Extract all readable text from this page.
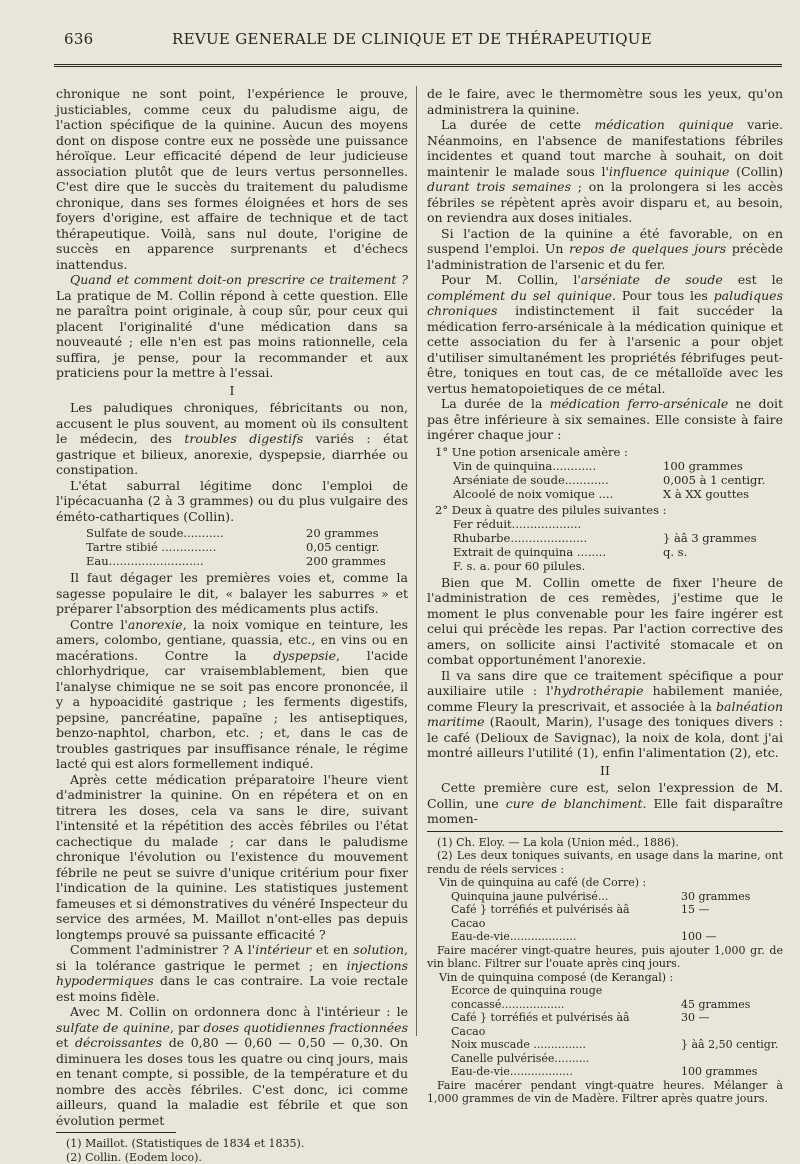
636	REVUE GENERALE DE CLINIQUE ET DE THÉRAPEUTIQUE

chronique ne sont point, l'expérience le prouve, justiciables, comme ceux du paludisme aigu, de l'action spécifique de la quinine. Aucun des moyens dont on dispose contre eux ne possède une puissance héroïque. Leur efficacité dépend de leur judicieuse association plutôt que de leurs vertus personnelles. C'est dire que le succès du traitement du paludisme chronique, dans ses formes éloignées et hors de ses foyers d'origine, est affaire de technique et de tact thérapeutique. Voilà, sans nul doute, l'origine de succès en apparence surprenants et d'échecs inattendus.

Quand et comment doit-on prescrire ce traitement ? La pratique de M. Collin répond à cette question. Elle ne paraîtra point originale, à coup sûr, pour ceux qui placent l'originalité d'une médication dans sa nouveauté ; elle n'en est pas moins rationnelle, cela suffira, je pense, pour la recommander et aux praticiens pour la mettre à l'essai.

I

Les paludiques chroniques, fébricitants ou non, accusent le plus souvent, au moment où ils consultent le médecin, des troubles digestifs variés : état gastrique et bilieux, anorexie, dyspepsie, diarrhée ou constipation.

L'état saburral légitime donc l'emploi de l'ipécacuanha (2 à 3 grammes) ou du plus vulgaire des éméto-cathartiques (Collin).

Sulfate de soude...........	20 grammes
Tartre stibié ...............	0,05 centigr.
Eau..........................	200 grammes

Il faut dégager les premières voies et, comme la sagesse populaire le dit, « balayer les saburres » et préparer l'absorption des médicaments plus actifs.

Contre l'anorexie, la noix vomique en teinture, les amers, colombo, gentiane, quassia, etc., en vins ou en macérations. Contre la dyspepsie, l'acide chlorhydrique, car vraisemblablement, bien que l'analyse chimique ne se soit pas encore prononcée, il y a hypoacidité gastrique ; les ferments digestifs, pepsine, pancréatine, papaïne ; les antiseptiques, benzo-naphtol, charbon, etc. ; et, dans le cas de troubles gastriques par insuffisance rénale, le régime lacté qui est alors formellement indiqué.

Après cette médication préparatoire l'heure vient d'administrer la quinine. On en répétera et on en titrera les doses, cela va sans le dire, suivant l'intensité et la répétition des accès fébriles ou l'état cachectique du malade ; car dans le paludisme chronique l'évolution ou l'existence du mouvement fébrile ne peut se suivre d'unique critérium pour fixer l'indication de la quinine. Les statistiques justement fameuses et si démonstratives du vénéré Inspecteur du service des armées, M. Maillot n'ont-elles pas depuis longtemps prouvé sa puissante efficacité ?

Comment l'administrer ? A l'intérieur et en solution, si la tolérance gastrique le permet ; en injections hypodermiques dans le cas contraire. La voie rectale est moins fidèle.

Avec M. Collin on ordonnera donc à l'intérieur : le sulfate de quinine, par doses quotidiennes fractionnées et décroissantes de 0,80 — 0,60 — 0,50 — 0,30. On diminuera les doses tous les quatre ou cinq jours, mais en tenant compte, si possible, de la température et du nombre des accès fébriles. C'est donc, ici comme ailleurs, quand la maladie est fébrile et que son évolution permet

(1) Maillot. (Statistiques de 1834 et 1835).
(2) Collin. (Eodem loco).

de le faire, avec le thermomètre sous les yeux, qu'on administrera la quinine.

La durée de cette médication quinique varie. Néanmoins, en l'absence de manifestations fébriles incidentes et quand tout marche à souhait, on doit maintenir le malade sous l'influence quinique (Collin) durant trois semaines ; on la prolongera si les accès fébriles se répètent après avoir disparu et, au besoin, on reviendra aux doses initiales.

Si l'action de la quinine a été favorable, on en suspend l'emploi. Un repos de quelques jours précède l'administration de l'arsenic et du fer.

Pour M. Collin, l'arséniate de soude est le complément du sel quinique. Pour tous les paludiques chroniques indistinctement il fait succéder la médication ferro-arsénicale à la médication quinique et cette association du fer à l'arsenic a pour objet d'utiliser simultanément les propriétés fébrifuges peut-être, toniques en tout cas, de ce métalloïde avec les vertus hematopoietiques de ce métal.

La durée de la médication ferro-arsénicale ne doit pas être inférieure à six semaines. Elle consiste à faire ingérer chaque jour :

1° Une potion arsenicale amère :
Vin de quinquina............	100 grammes
Arséniate de soude............	0,005 à 1 centigr.
Alcoolé de noix vomique ....	X à XX gouttes
2° Deux à quatre des pilules suivantes :
Fer réduit...................
Rhubarbe.....................	} àâ 3 grammes
Extrait de quinquina ........	q. s.
F. s. a. pour 60 pilules.

Bien que M. Collin omette de fixer l'heure de l'administration de ces remèdes, j'estime que le moment le plus convenable pour les faire ingérer est celui qui précède les repas. Par l'action corrective des amers, on sollicite ainsi l'activité stomacale et on combat opportunément l'anorexie.

Il va sans dire que ce traitement spécifique a pour auxiliaire utile : l'hydrothérapie habilement maniée, comme Fleury la prescrivait, et associée à la balnéation maritime (Raoult, Marin), l'usage des toniques divers : le café (Delioux de Savignac), la noix de kola, dont j'ai montré ailleurs l'utilité (1), enfin l'alimentation (2), etc.

II

Cette première cure est, selon l'expression de M. Collin, une cure de blanchiment. Elle fait disparaître momen-

(1) Ch. Eloy. — La kola (Union méd., 1886).
(2) Les deux toniques suivants, en usage dans la marine, ont rendu de réels services :
Vin de quinquina au café (de Corre) :
Quinquina jaune pulvérisé...	30 grammes
Café } torréfiés et pulvérisés àâ	15 —
Cacao
Eau-de-vie...................	100 —
Faire macérer vingt-quatre heures, puis ajouter 1,000 gr. de vin blanc. Filtrer sur l'ouate après cinq jours.
Vin de quinquina composé (de Kerangal) :
Ecorce de quinquina rouge
concassé..................	45 grammes
Café } torréfiés et pulvérisés àâ	30 —
Cacao
Noix muscade ...............	} àâ 2,50 centigr.
Canelle pulvérisée..........
Eau-de-vie..................	100 grammes
Faire macérer pendant vingt-quatre heures. Mélanger à 1,000 grammes de vin de Madère. Filtrer après quatre jours.
